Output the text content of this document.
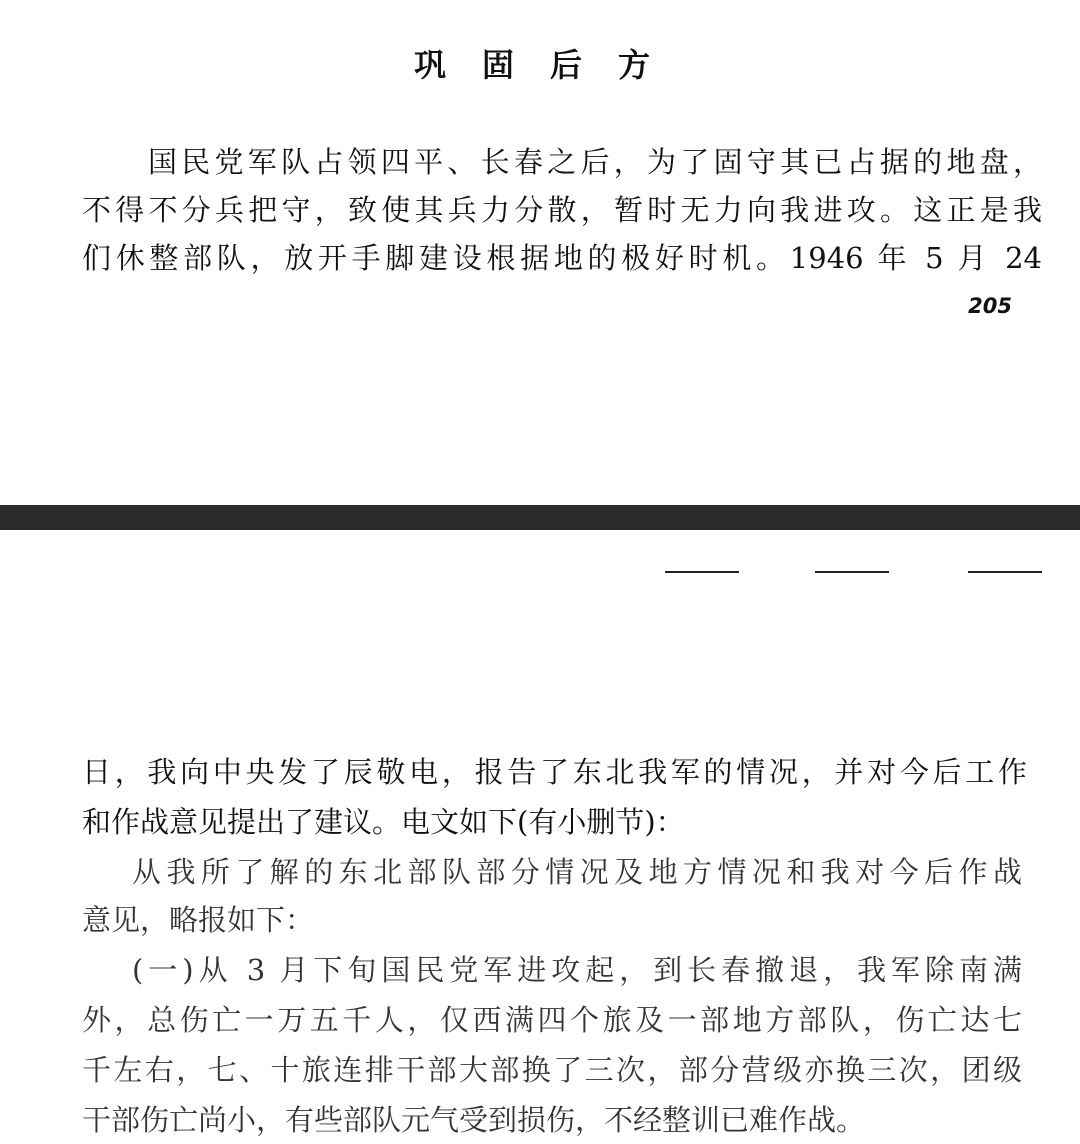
巩固后方
国民党军队占领四平、长春之后，为了固守其已占据的地盘，
不得不分兵把守，致使其兵力分散，暂时无力向我进攻。这正是我
们休整部队，放开手脚建设根据地的极好时机。1946 年 5 月 24
205
日，我向中央发了辰敬电，报告了东北我军的情况，并对今后工作
和作战意见提出了建议。电文如下(有小删节)：
从我所了解的东北部队部分情况及地方情况和我对今后作战
意见，略报如下：
(一)从 3 月下旬国民党军进攻起，到长春撤退，我军除南满
外，总伤亡一万五千人，仅西满四个旅及一部地方部队，伤亡达七
千左右，七、十旅连排干部大部换了三次，部分营级亦换三次，团级
干部伤亡尚小，有些部队元气受到损伤，不经整训已难作战。
